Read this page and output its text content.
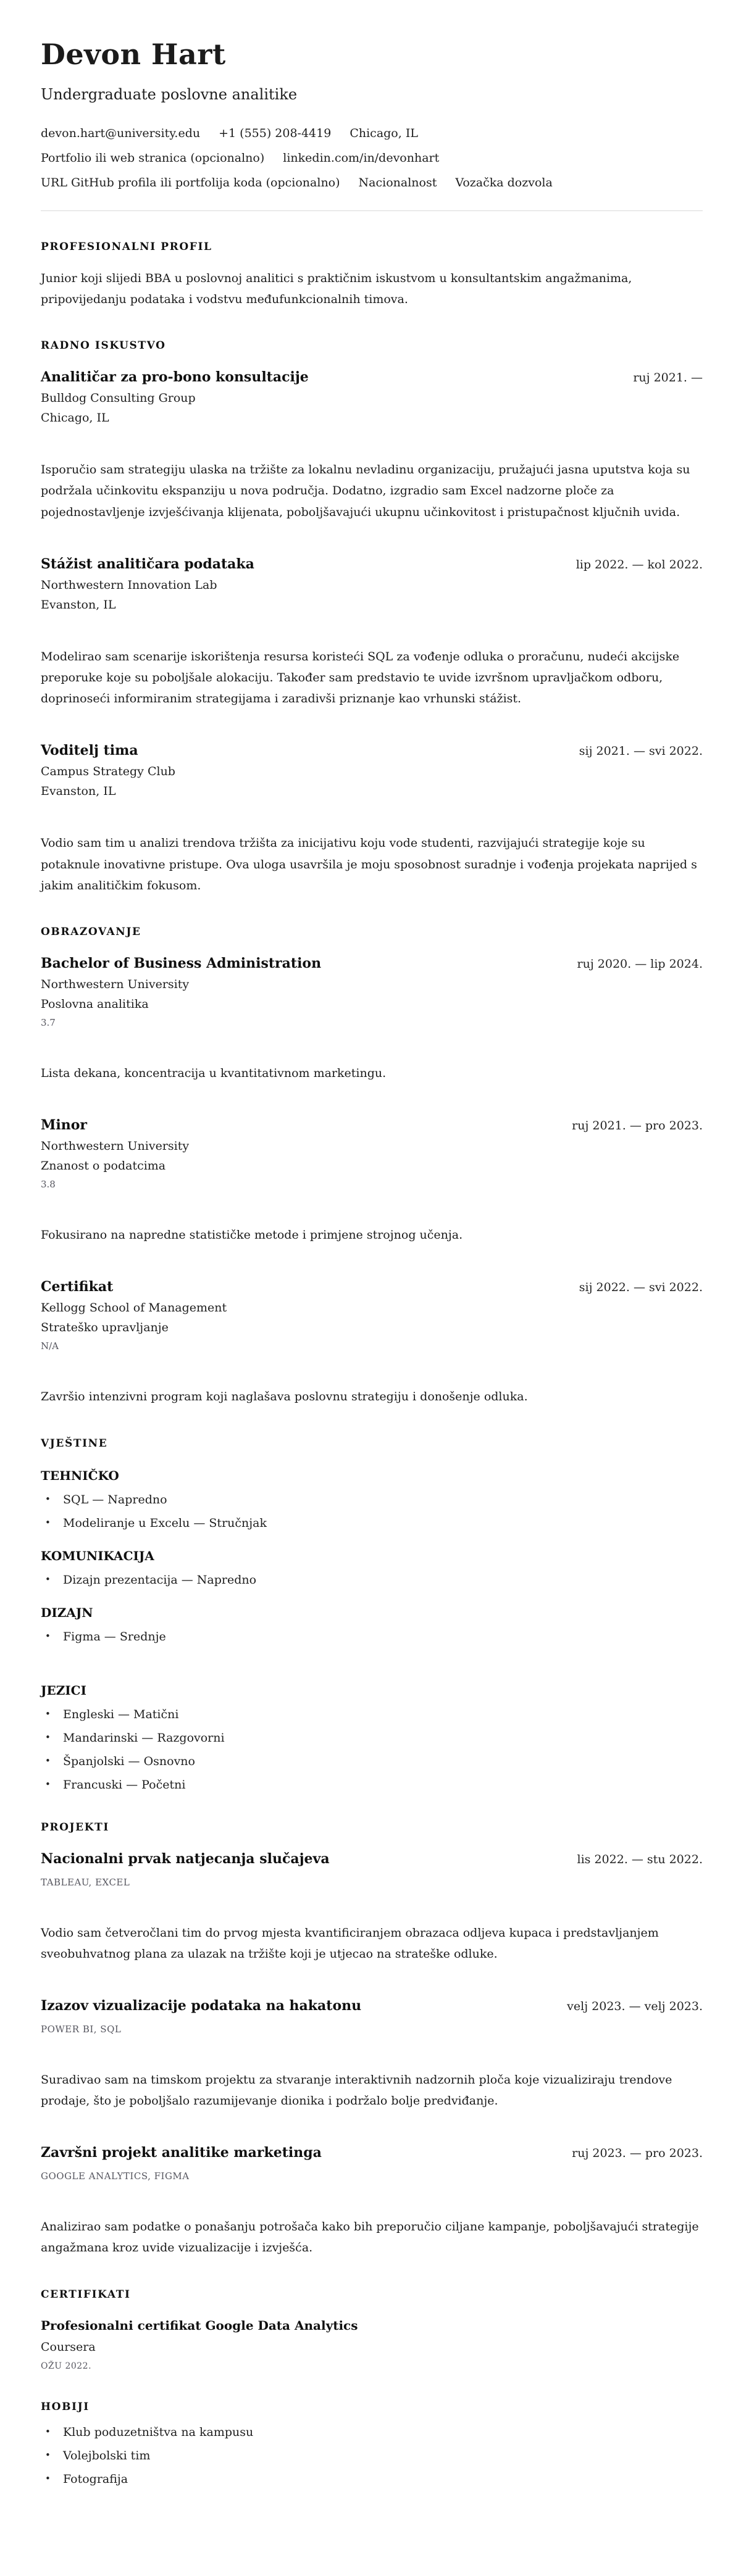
Devon Hart
Undergraduate poslovne analitike
devon.hart@university.edu +1 (555) 208-4419 Chicago, IL
Portfolio ili web stranica (opcionalno) linkedin.com/in/devonhart
URL GitHub profila ili portfolija koda (opcionalno) Nacionalnost Vozačka dozvola
PROFESIONALNI PROFIL

Junior koji slijedi BBA u poslovnoj analitici s praktičnim iskustvom u konsultantskim angažmanima, pripovijedanju podataka i vodstvu međufunkcionalnih timova.

RADNO ISKUSTVO
Analitičar za pro-bono konsultacije	ruj 2021. —
Bulldog Consulting Group
Chicago, IL

Isporučio sam strategiju ulaska na tržište za lokalnu nevladinu organizaciju, pružajući jasna uputstva koja su podržala učinkovitu ekspanziju u nova područja. Dodatno, izgradio sam Excel nadzorne ploče za pojednostavljenje izvješćivanja klijenata, poboljšavajući ukupnu učinkovitost i pristupačnost ključnih uvida.

Stážist analitičara podataka	lip 2022. — kol 2022.
Northwestern Innovation Lab
Evanston, IL

Modelirao sam scenarije iskorištenja resursa koristeći SQL za vođenje odluka o proračunu, nudeći akcijske preporuke koje su poboljšale alokaciju. Također sam predstavio te uvide izvršnom upravljačkom odboru, doprinoseći informiranim strategijama i zaradivši priznanje kao vrhunski stážist.

Voditelj tima	sij 2021. — svi 2022.
Campus Strategy Club
Evanston, IL

Vodio sam tim u analizi trendova tržišta za inicijativu koju vode studenti, razvijajući strategije koje su potaknule inovativne pristupe. Ova uloga usavršila je moju sposobnost suradnje i vođenja projekata naprijed s jakim analitičkim fokusom.

OBRAZOVANJE
Bachelor of Business Administration	ruj 2020. — lip 2024.
Northwestern University
Poslovna analitika
3.7

Lista dekana, koncentracija u kvantitativnom marketingu.

Minor	ruj 2021. — pro 2023.
Northwestern University
Znanost o podatcima
3.8

Fokusirano na napredne statističke metode i primjene strojnog učenja.

Certifikat	sij 2022. — svi 2022.
Kellogg School of Management
Strateško upravljanje
N/A

Završio intenzivni program koji naglašava poslovnu strategiju i donošenje odluka.

VJEŠTINE
TEHNIČKO
• SQL — Napredno
• Modeliranje u Excelu — Stručnjak
KOMUNIKACIJA
• Dizajn prezentacija — Napredno
DIZAJN
• Figma — Srednje
JEZICI
• Engleski — Matični
• Mandarinski — Razgovorni
• Španjolski — Osnovno
• Francuski — Početni
PROJEKTI
Nacionalni prvak natjecanja slučajeva	lis 2022. — stu 2022.
TABLEAU, EXCEL

Vodio sam četveročlani tim do prvog mjesta kvantificiranjem obrazaca odljeva kupaca i predstavljanjem sveobuhvatnog plana za ulazak na tržište koji je utjecao na strateške odluke.

Izazov vizualizacije podataka na hakatonu	velj 2023. — velj 2023.
POWER BI, SQL

Suradivao sam na timskom projektu za stvaranje interaktivnih nadzornih ploča koje vizualiziraju trendove prodaje, što je poboljšalo razumijevanje dionika i podržalo bolje predviđanje.

Završni projekt analitike marketinga	ruj 2023. — pro 2023.
GOOGLE ANALYTICS, FIGMA

Analizirao sam podatke o ponašanju potrošača kako bih preporučio ciljane kampanje, poboljšavajući strategije angažmana kroz uvide vizualizacije i izvješća.

CERTIFIKATI
Profesionalni certifikat Google Data Analytics
Coursera
OŽU 2022.
HOBIJI
• Klub poduzetništva na kampusu
• Volejbolski tim
• Fotografija
